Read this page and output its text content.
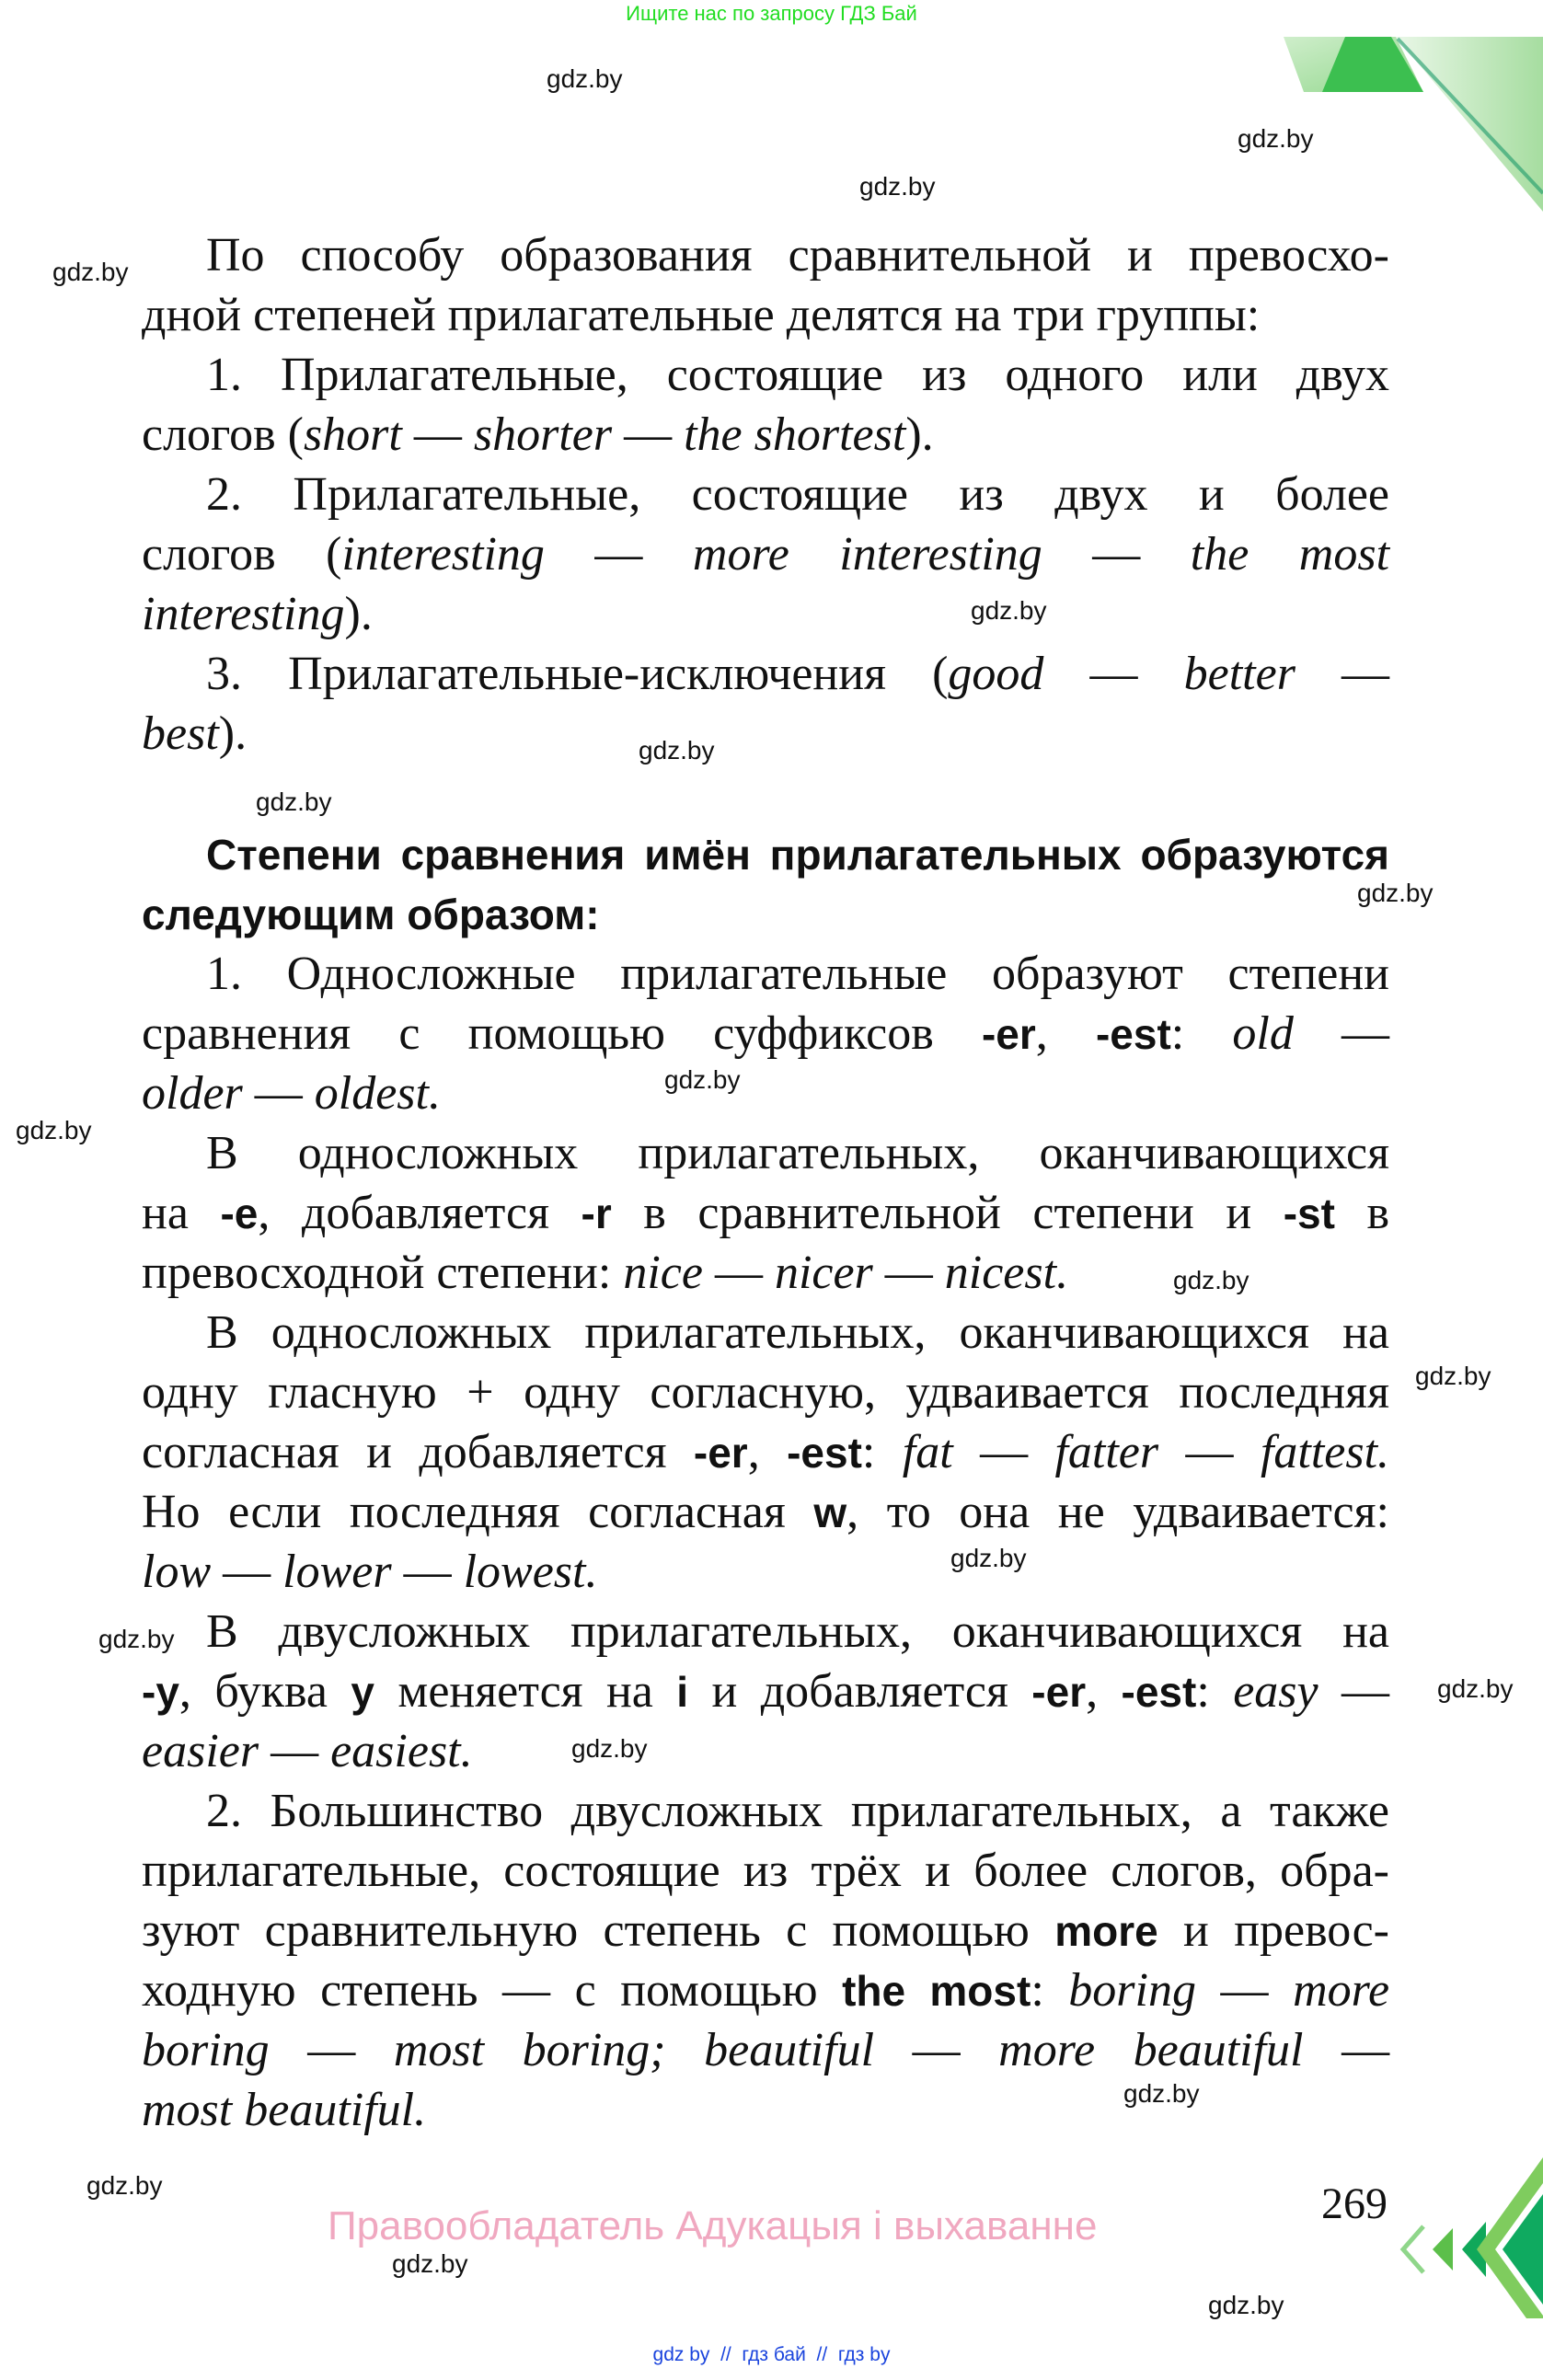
Ищите нас по запросу ГДЗ Бай
gdz.by
gdz.by
gdz.by
gdz.by
gdz.by
gdz.by
gdz.by
gdz.by
gdz.by
gdz.by
gdz.by
gdz.by
gdz.by
gdz.by
gdz.by
gdz.by
gdz.by
gdz.by
gdz.by
gdz.by
По способу образования сравнительной и превосхо-
дной степеней прилагательные делятся на три группы:
1. Прилагательные, состоящие из одного или двух
слогов (short — shorter — the shortest).
2. Прилагательные, состоящие из двух и более
слогов (interesting — more interesting — the most
interesting).
3. Прилагательные-исключения (good — better —
best).
Степени сравнения имён прилагательных образуются
следующим образом:
1. Односложные прилагательные образуют степени
сравнения с помощью суффиксов -er, -est: old —
older — oldest.
В односложных прилагательных, оканчивающихся
на -e, добавляется -r в сравнительной степени и -st в
превосходной степени: nice — nicer — nicest.
В односложных прилагательных, оканчивающихся на
одну гласную + одну согласную, удваивается последняя
согласная и добавляется -er, -est: fat — fatter — fattest.
Но если последняя согласная w, то она не удваивается:
low — lower — lowest.
В двусложных прилагательных, оканчивающихся на
-y, буква y меняется на i и добавляется -er, -est: easy —
easier — easiest.
2. Большинство двусложных прилагательных, а также
прилагательные, состоящие из трёх и более слогов, обра-
зуют сравнительную степень с помощью more и превос-
ходную степень — с помощью the most: boring — more
boring — most boring; beautiful — more beautiful —
most beautiful.
Правообладатель Адукацыя і выхаванне	269
gdz by // гдз бай // гдз by
